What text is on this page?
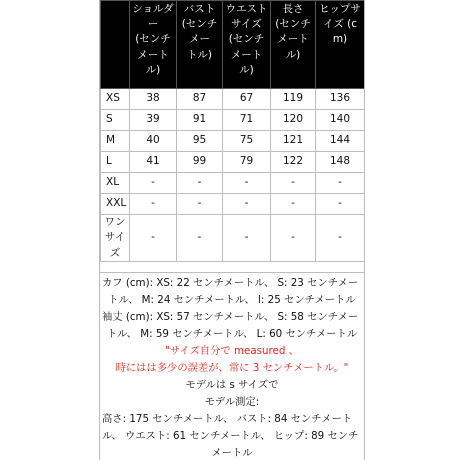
	ショルダ
ー
(センチ
メート
ル)	バスト
(センチ
メー
トル)	ウエスト
サイズ
(センチ
メート
ル)	長さ
(センチ
メート
ル)	ヒップサ
イズ (cm)
XS	38	87	67	119	136
S	39	91	71	120	140
M	40	95	75	121	144
L	41	99	79	122	148
XL	-	-	-	-	-
XXL	-	-	-	-	-
ワン
サイ
ズ	-	-	-	-	-
カフ (cm): XS: 22 センチメートル、 S: 23 センチメー
トル、 M: 24 センチメートル、 l: 25 センチメートル
袖丈 (cm): XS: 57 センチメートル、 S: 58 センチメー
トル、 M: 59 センチメートル、 L: 60 センチメートル
"サイズ自分で measured 、
時にはは多少の誤差が、常に 3 センチメートル。"
モデルは s サイズで
モデル測定:
高さ: 175 センチメートル、 バスト: 84 センチメート
ル、 ウエスト: 61 センチメートル、 ヒップ: 89 センチ
メートル
